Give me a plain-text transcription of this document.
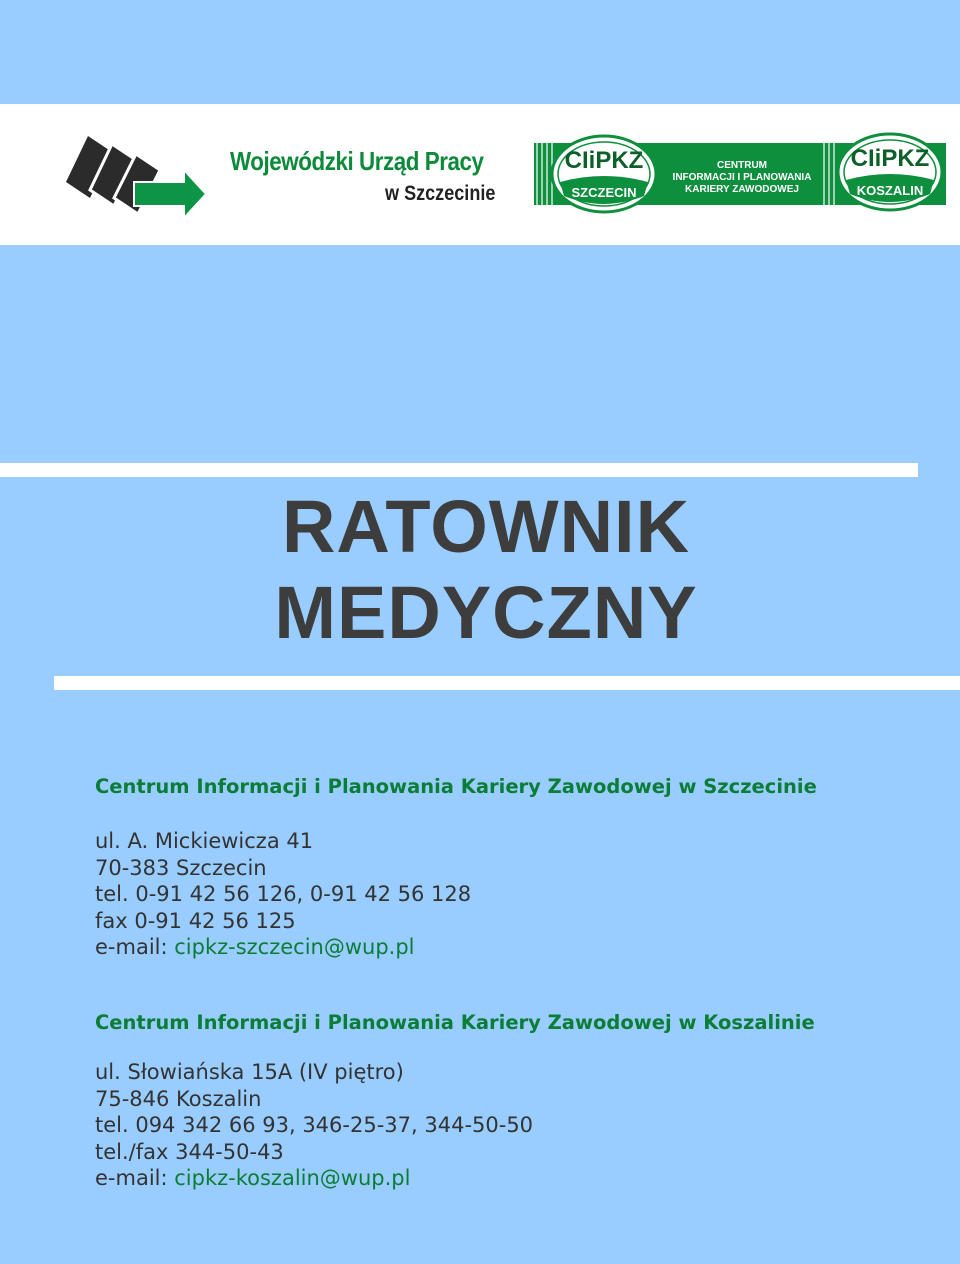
Wojewódzki Urząd Pracy
w Szczecinie
CIiPKZ
SZCZECIN
CENTRUM
INFORMACJI I PLANOWANIA
KARIERY ZAWODOWEJ
CIiPKZ
KOSZALIN
RATOWNIK
MEDYCZNY
Centrum Informacji i Planowania Kariery Zawodowej w Szczecinie
ul. A. Mickiewicza 41
70-383 Szczecin
tel. 0-91 42 56 126, 0-91 42 56 128
fax 0-91 42 56 125
e-mail: cipkz-szczecin@wup.pl
Centrum Informacji i Planowania Kariery Zawodowej w Koszalinie
ul. Słowiańska 15A (IV piętro)
75-846 Koszalin
tel. 094 342 66 93, 346-25-37, 344-50-50
tel./fax 344-50-43
e-mail: cipkz-koszalin@wup.pl
